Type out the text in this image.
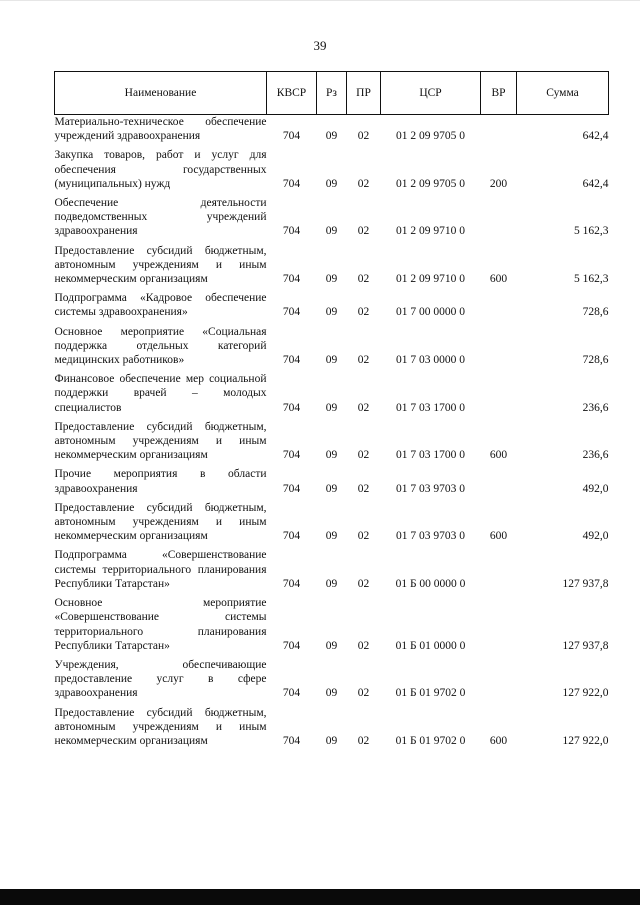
39
Наименование	КВСР	Рз	ПР	ЦСР	ВР	Сумма
Материально-техническое обеспечение учреждений здравоохранения	704	09	02	01 2 09 9705 0		642,4
Закупка товаров, работ и услуг для обеспечения государственных (муниципальных) нужд	704	09	02	01 2 09 9705 0	200	642,4
Обеспечение деятельности подведомственных учреждений здравоохранения	704	09	02	01 2 09 9710 0		5 162,3
Предоставление субсидий бюджетным, автономным учреждениям и иным некоммерческим организациям	704	09	02	01 2 09 9710 0	600	5 162,3
Подпрограмма «Кадровое обеспечение системы здравоохранения»	704	09	02	01 7 00 0000 0		728,6
Основное мероприятие «Социальная поддержка отдельных категорий медицинских работников»	704	09	02	01 7 03 0000 0		728,6
Финансовое обеспечение мер социальной поддержки врачей – молодых специалистов	704	09	02	01 7 03 1700 0		236,6
Предоставление субсидий бюджетным, автономным учреждениям и иным некоммерческим организациям	704	09	02	01 7 03 1700 0	600	236,6
Прочие мероприятия в области здравоохранения	704	09	02	01 7 03 9703 0		492,0
Предоставление субсидий бюджетным, автономным учреждениям и иным некоммерческим организациям	704	09	02	01 7 03 9703 0	600	492,0
Подпрограмма «Совершенствование системы территориального планирования Республики Татарстан»	704	09	02	01 Б 00 0000 0		127 937,8
Основное мероприятие «Совершенствование системы территориального планирования Республики Татарстан»	704	09	02	01 Б 01 0000 0		127 937,8
Учреждения, обеспечивающие предоставление услуг в сфере здравоохранения	704	09	02	01 Б 01 9702 0		127 922,0
Предоставление субсидий бюджетным, автономным учреждениям и иным некоммерческим организациям	704	09	02	01 Б 01 9702 0	600	127 922,0
